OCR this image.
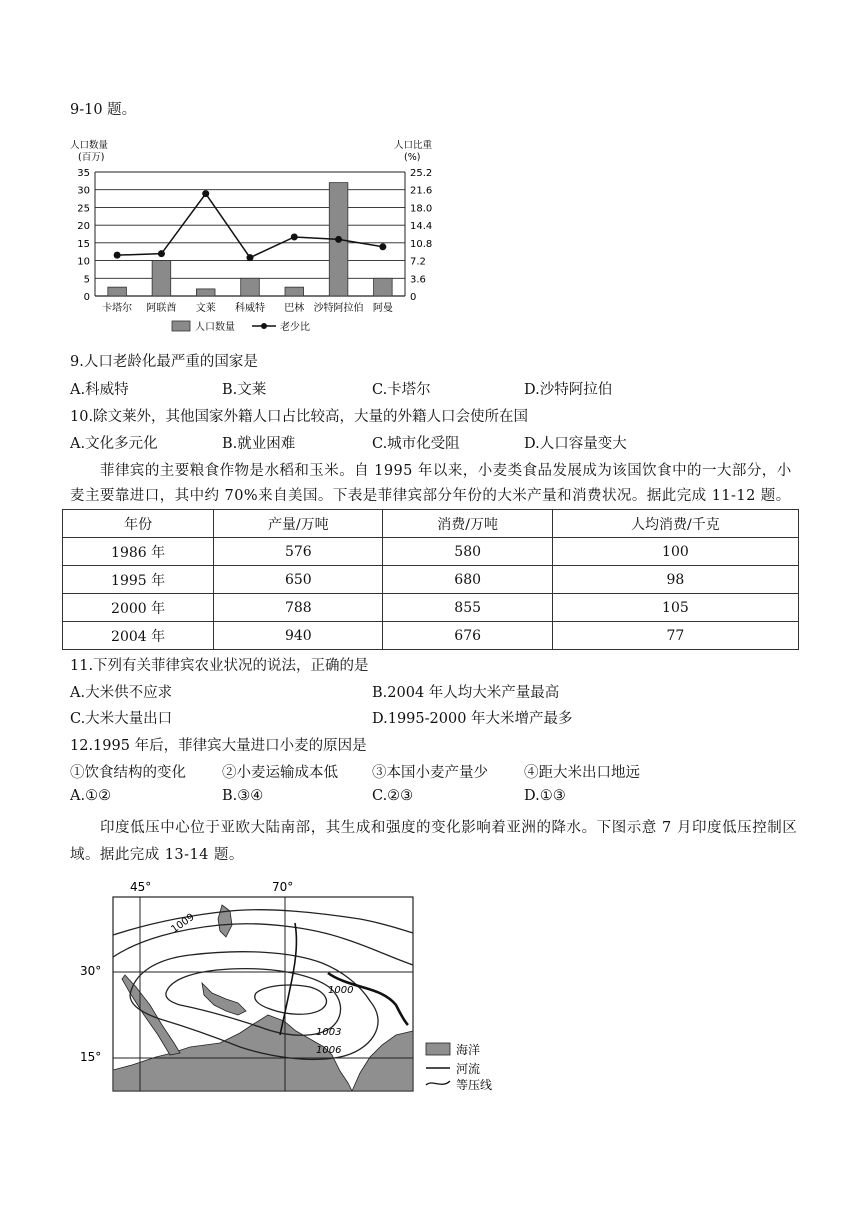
9-10 题。
人口数量
(百万)
人口比重
(%)
0	0
5	3.6
10	7.2
15	10.8
20	14.4
25	18.0
30	21.6
35	25.2
卡塔尔 阿联酋 文莱 科威特 巴林 沙特阿拉伯 阿曼
人口数量	老少比
9.人口老龄化最严重的国家是
A.科威特	B.文莱	C.卡塔尔	D.沙特阿拉伯
10.除文莱外，其他国家外籍人口占比较高，大量的外籍人口会使所在国
A.文化多元化	B.就业困难	C.城市化受阻	D.人口容量变大
菲律宾的主要粮食作物是水稻和玉米。自 1995 年以来，小麦类食品发展成为该国饮食中的一大部分，小
麦主要靠进口，其中约 70%来自美国。下表是菲律宾部分年份的大米产量和消费状况。据此完成 11-12 题。
年份	产量/万吨	消费/万吨	人均消费/千克
1986 年	576	580	100
1995 年	650	680	98
2000 年	788	855	105
2004 年	940	676	77
11.下列有关菲律宾农业状况的说法，正确的是
A.大米供不应求	B.2004 年人均大米产量最高
C.大米大量出口	D.1995-2000 年大米增产最多
12.1995 年后，菲律宾大量进口小麦的原因是
①饮食结构的变化 ②小麦运输成本低 ③本国小麦产量少 ④距大米出口地远
A.①②	B.③④	C.②③	D.①③
印度低压中心位于亚欧大陆南部，其生成和强度的变化影响着亚洲的降水。下图示意 7 月印度低压控制区
域。据此完成 13-14 题。
45°	70°
30°
15°
1009
1000
1003
1006	海洋
河流
等压线
